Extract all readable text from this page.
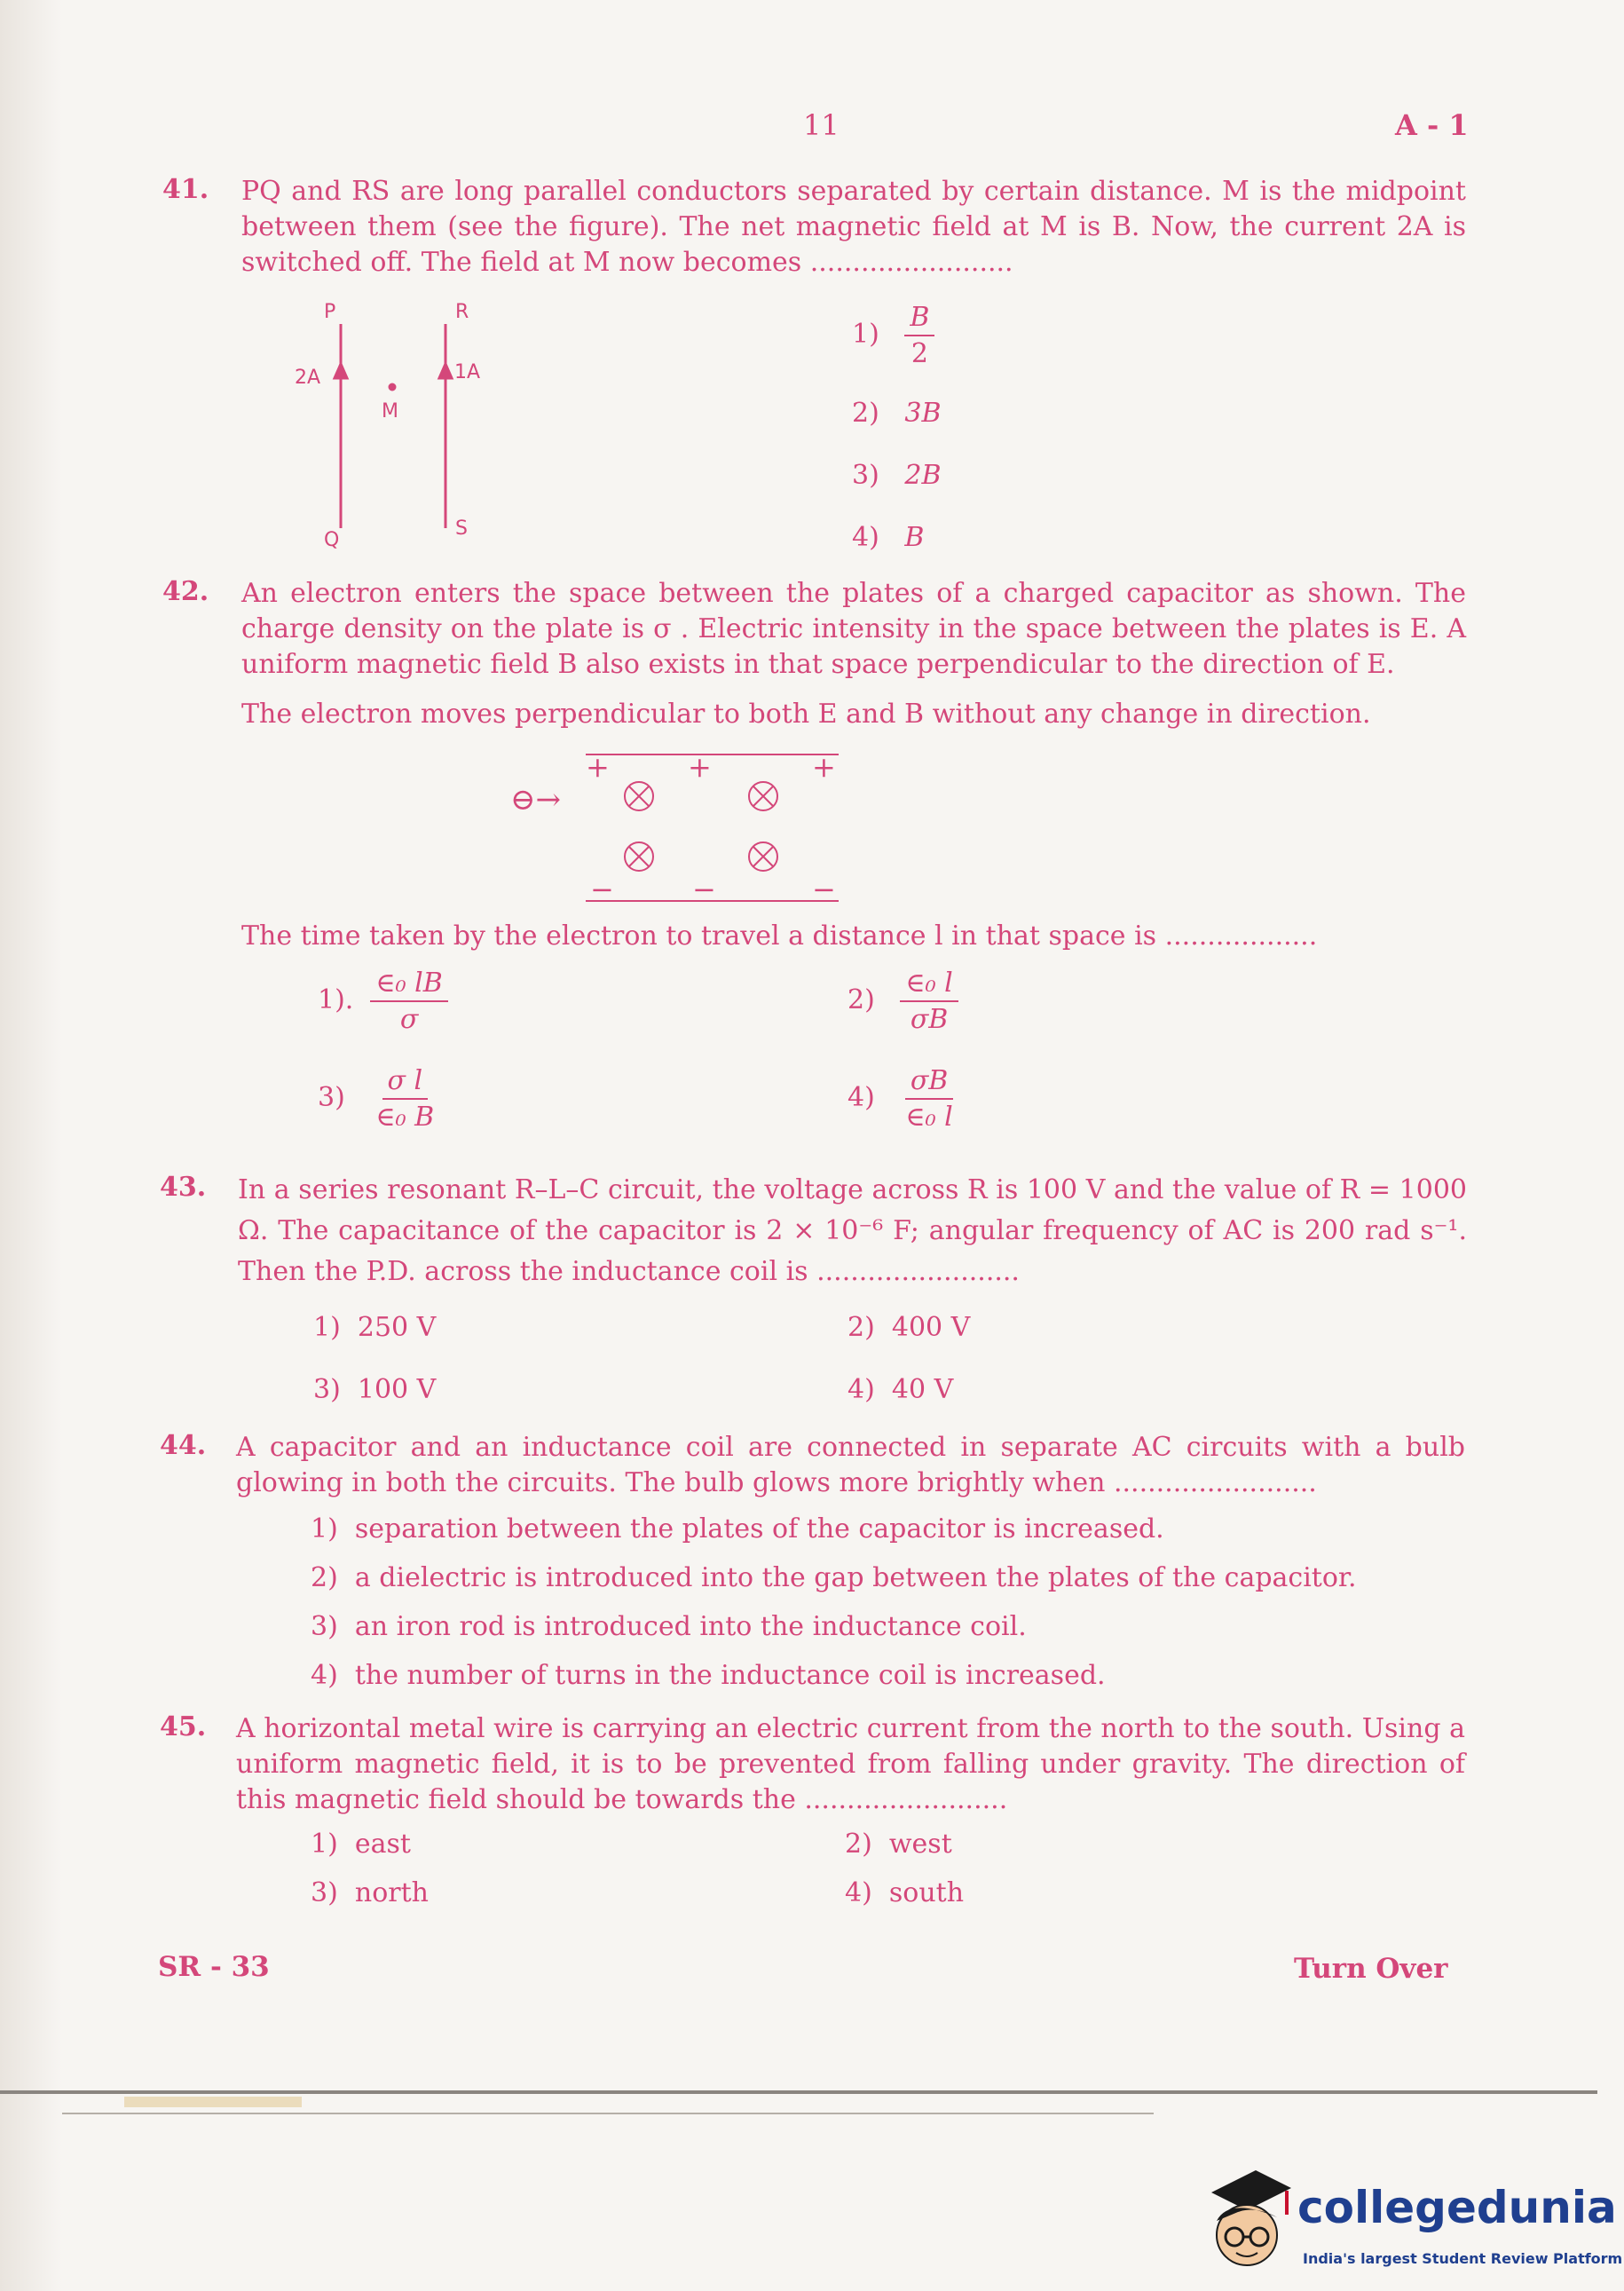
11	A - 1
41. PQ and RS are long parallel conductors separated by certain distance. M is the midpoint between them (see the figure). The net magnetic field at M is B. Now, the current 2A is switched off. The field at M now becomes ........................
P	R
2A	1A
M
Q
S
$1) \frac{B}{2}$
2) 3B
3) 2B
4) B
42. An electron enters the space between the plates of a charged capacitor as shown. The charge density on the plate is σ . Electric intensity in the space between the plates is E. A uniform magnetic field B also exists in that space perpendicular to the direction of E.
The electron moves perpendicular to both E and B without any change in direction.
+	+	+
−	−	−
⊖→
The time taken by the electron to travel a distance l in that space is ..................
1). $\frac{\text{∈₀ lB}}{\sigma}$	$2) \frac{\text{∈₀ l}}{\sigma B}$
$3) \frac{\text{σ l}}{\text{∈₀ B}}$	$4) \frac{\sigma B}{\text{∈₀ l}}$
43. In a series resonant R–L–C circuit, the voltage across R is 100 V and the value of R = 1000 Ω. The capacitance of the capacitor is 2 × 10⁻⁶ F; angular frequency of AC is 200 rad s⁻¹. Then the P.D. across the inductance coil is ........................
1) 250 V	2) 400 V
3) 100 V	4) 40 V
44. A capacitor and an inductance coil are connected in separate AC circuits with a bulb glowing in both the circuits. The bulb glows more brightly when ........................
1) separation between the plates of the capacitor is increased.
2) a dielectric is introduced into the gap between the plates of the capacitor.
3) an iron rod is introduced into the inductance coil.
4) the number of turns in the inductance coil is increased.
45. A horizontal metal wire is carrying an electric current from the north to the south. Using a uniform magnetic field, it is to be prevented from falling under gravity. The direction of this magnetic field should be towards the ........................
1) east	2) west
3) north	4) south
SR - 33	Turn Over
collegedunia
India's largest Student Review Platform
